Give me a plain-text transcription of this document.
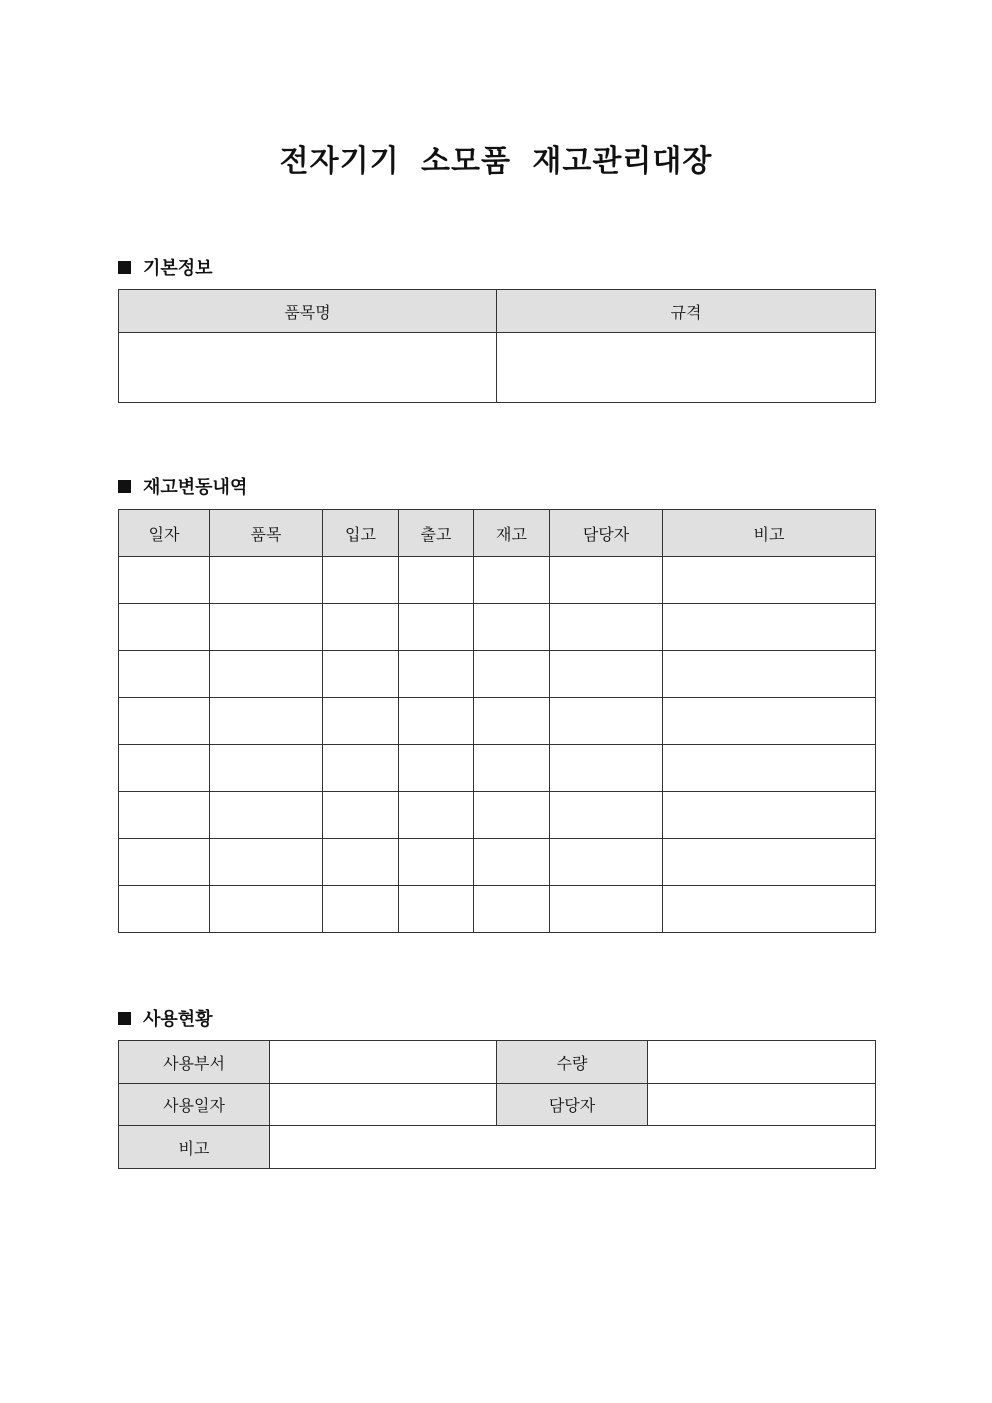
전자기기 소모품 재고관리대장
기본정보
품목명	규격

재고변동내역
일자	품목	입고	출고	재고	담당자	비고

사용현황
사용부서		수량	
사용일자		담당자	
비고			
